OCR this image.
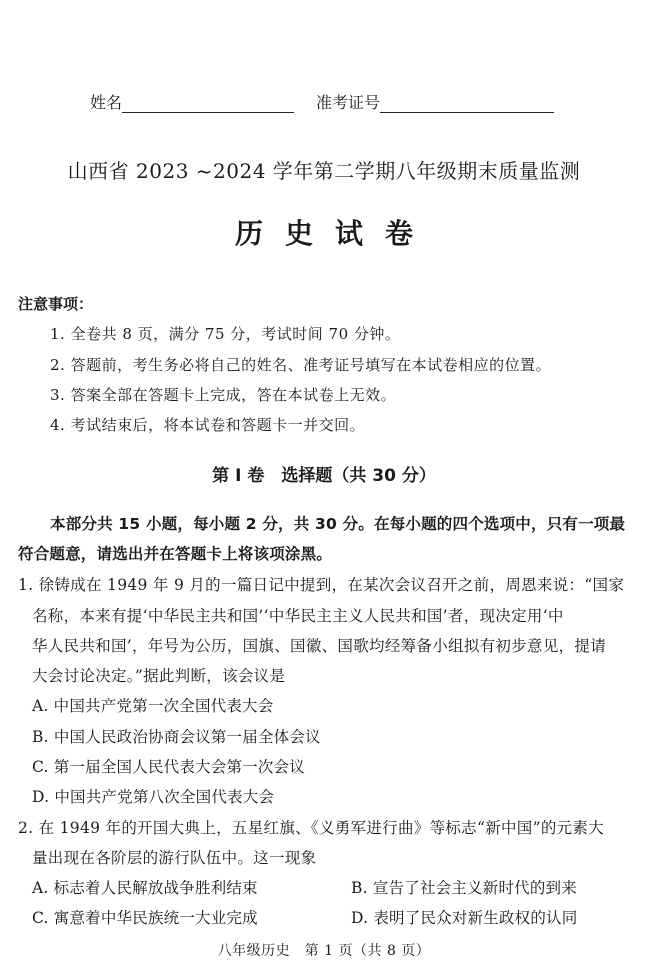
姓名	准考证号
山西省 2023 ~2024 学年第二学期八年级期末质量监测
历史试卷
注意事项：
1. 全卷共 8 页，满分 75 分，考试时间 70 分钟。
2. 答题前，考生务必将自己的姓名、准考证号填写在本试卷相应的位置。
3. 答案全部在答题卡上完成，答在本试卷上无效。
4. 考试结束后，将本试卷和答题卡一并交回。
第 Ⅰ 卷　选择题（共 30 分）
本部分共 15 小题，每小题 2 分，共 30 分。在每小题的四个选项中，只有一项最
符合题意，请选出并在答题卡上将该项涂黑。
1. 徐铸成在 1949 年 9 月的一篇日记中提到，在某次会议召开之前，周恩来说：“国家
名称，本来有提‘中华民主共和国’‘中华民主主义人民共和国’者，现决定用‘中
华人民共和国’，年号为公历，国旗、国徽、国歌均经筹备小组拟有初步意见，提请
大会讨论决定。”据此判断，该会议是
A. 中国共产党第一次全国代表大会
B. 中国人民政治协商会议第一届全体会议
C. 第一届全国人民代表大会第一次会议
D. 中国共产党第八次全国代表大会
2. 在 1949 年的开国大典上，五星红旗、《义勇军进行曲》等标志“新中国”的元素大
量出现在各阶层的游行队伍中。这一现象
A. 标志着人民解放战争胜利结束	B. 宣告了社会主义新时代的到来
C. 寓意着中华民族统一大业完成	D. 表明了民众对新生政权的认同
八年级历史　第 1 页（共 8 页）
